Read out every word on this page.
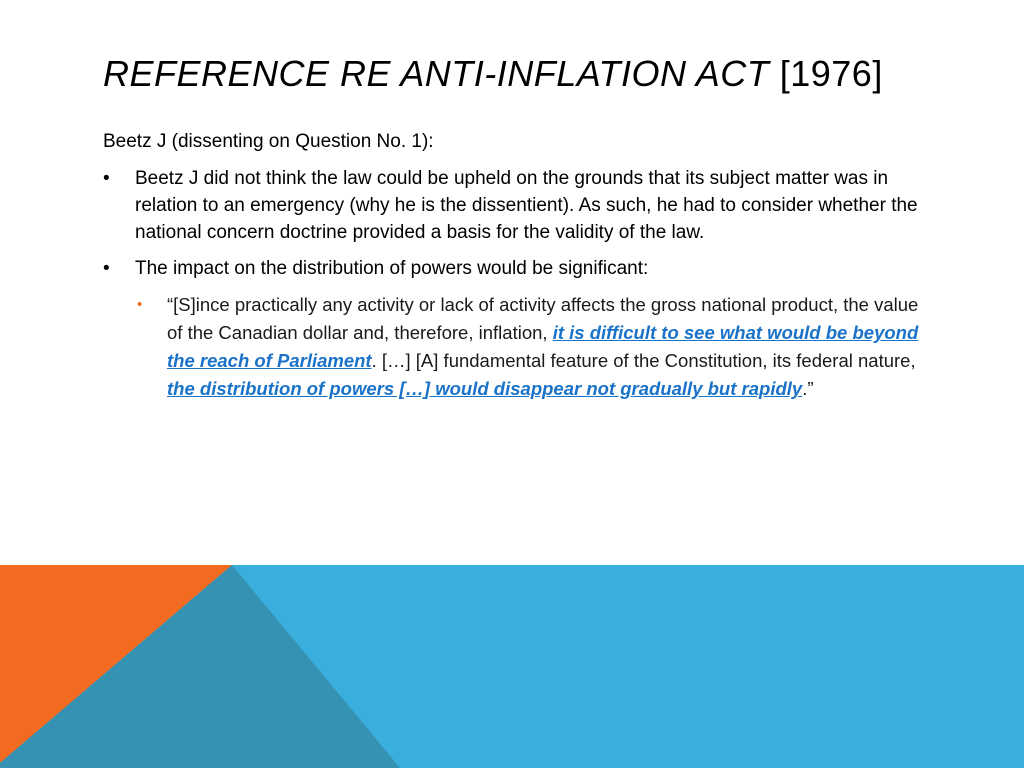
REFERENCE RE ANTI-INFLATION ACT [1976]
Beetz J (dissenting on Question No. 1):
• Beetz J did not think the law could be upheld on the grounds that its subject matter was in relation to an emergency (why he is the dissentient). As such, he had to consider whether the national concern doctrine provided a basis for the validity of the law.
• The impact on the distribution of powers would be significant:
• “[S]ince practically any activity or lack of activity affects the gross national product, the value of the Canadian dollar and, therefore, inflation, it is difficult to see what would be beyond the reach of Parliament. […] [A] fundamental feature of the Constitution, its federal nature, the distribution of powers […] would disappear not gradually but rapidly.”
